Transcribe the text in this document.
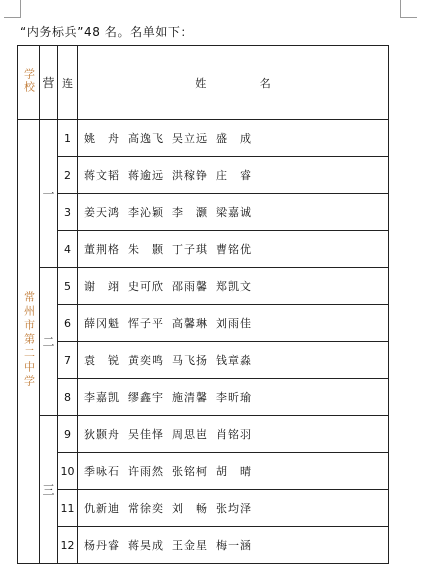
“内务标兵”48 名。名单如下：
学校	营	连	姓 名
常州市第二中学	一	1	姚　舟 高逸飞 吴立远 盛　成
		2	蒋文韬 蒋逾远 洪稼铮 庄　睿
		3	姜天鸿 李沁颖 李　灏 梁嘉诚
		4	董荆格 朱　颢 丁子琪 曹铭优
	二	5	谢　翊 史可欣 邵雨馨 郑凯文
		6	薛冈魁 恽子平 高馨琳 刘雨佳
		7	袁　锐 黄奕鸣 马飞扬 钱章淼
		8	李嘉凯 缪鑫宇 施清馨 李昕瑜
	三	9	狄颢舟 吴佳怿 周思岜 肖铭羽
		10	季咏石 许雨然 张铭柯 胡　晴
		11	仇新迪 常徐奕 刘　畅 张均泽
		12	杨丹睿 蒋昊成 王金星 梅一涵
